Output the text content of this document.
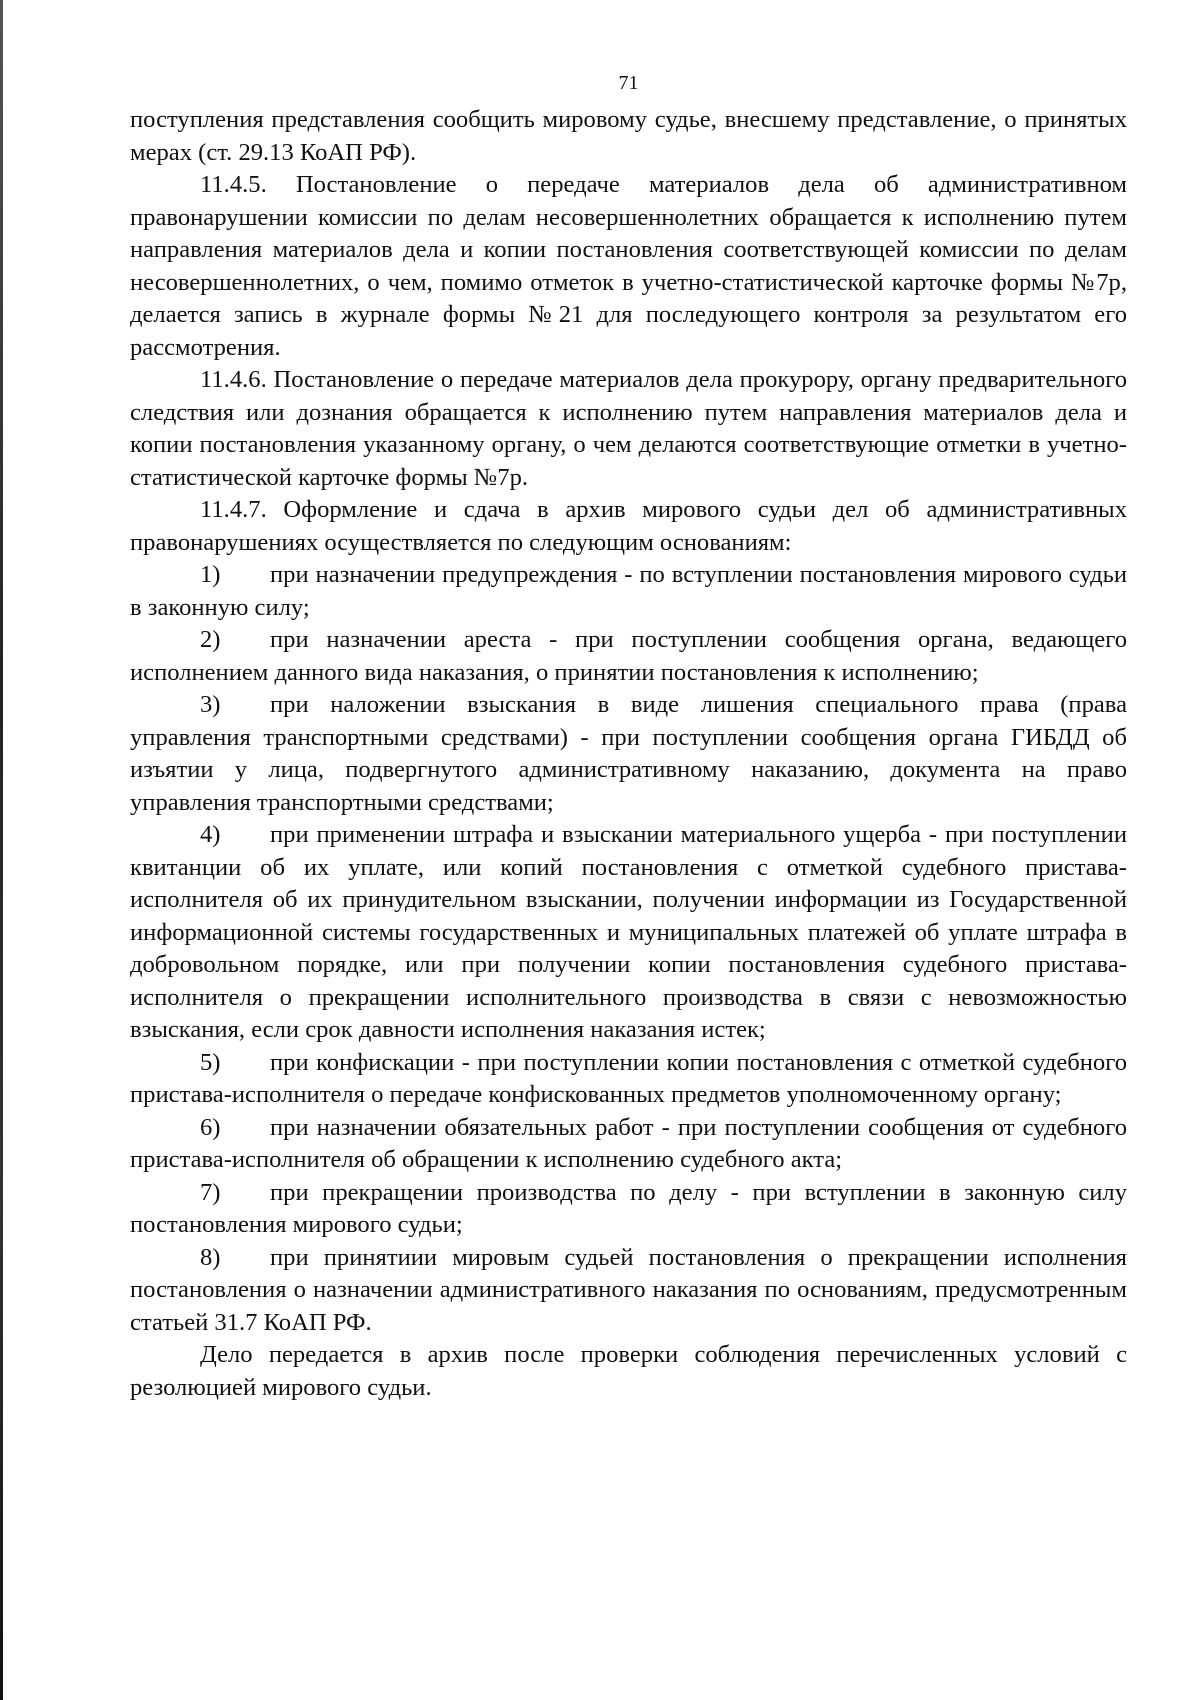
71

поступления представления сообщить мировому судье, внесшему представление, о принятых мерах (ст. 29.13 КоАП РФ).

11.4.5. Постановление о передаче материалов дела об административном правонарушении комиссии по делам несовершеннолетних обращается к исполнению путем направления материалов дела и копии постановления соответствующей комиссии по делам несовершеннолетних, о чем, помимо отметок в учетно-статистической карточке формы №7р, делается запись в журнале формы №21 для последующего контроля за результатом его рассмотрения.

11.4.6. Постановление о передаче материалов дела прокурору, органу предварительного следствия или дознания обращается к исполнению путем направления материалов дела и копии постановления указанному органу, о чем делаются соответствующие отметки в учетно-статистической карточке формы №7р.

11.4.7. Оформление и сдача в архив мирового судьи дел об административных правонарушениях осуществляется по следующим основаниям:

1) при назначении предупреждения - по вступлении постановления мирового судьи в законную силу;

2) при назначении ареста - при поступлении сообщения органа, ведающего исполнением данного вида наказания, о принятии постановления к исполнению;

3) при наложении взыскания в виде лишения специального права (права управления транспортными средствами) - при поступлении сообщения органа ГИБДД об изъятии у лица, подвергнутого административному наказанию, документа на право управления транспортными средствами;

4) при применении штрафа и взыскании материального ущерба - при поступлении квитанции об их уплате, или копий постановления с отметкой судебного пристава-исполнителя об их принудительном взыскании, получении информации из Государственной информационной системы государственных и муниципальных платежей об уплате штрафа в добровольном порядке, или при получении копии постановления судебного пристава-исполнителя о прекращении исполнительного производства в связи с невозможностью взыскания, если срок давности исполнения наказания истек;

5) при конфискации - при поступлении копии постановления с отметкой судебного пристава-исполнителя о передаче конфискованных предметов уполномоченному органу;

6) при назначении обязательных работ - при поступлении сообщения от судебного пристава-исполнителя об обращении к исполнению судебного акта;

7) при прекращении производства по делу - при вступлении в законную силу постановления мирового судьи;

8) при принятиии мировым судьей постановления о прекращении исполнения постановления о назначении административного наказания по основаниям, предусмотренным статьей 31.7 КоАП РФ.

Дело передается в архив после проверки соблюдения перечисленных условий с резолюцией мирового судьи.
